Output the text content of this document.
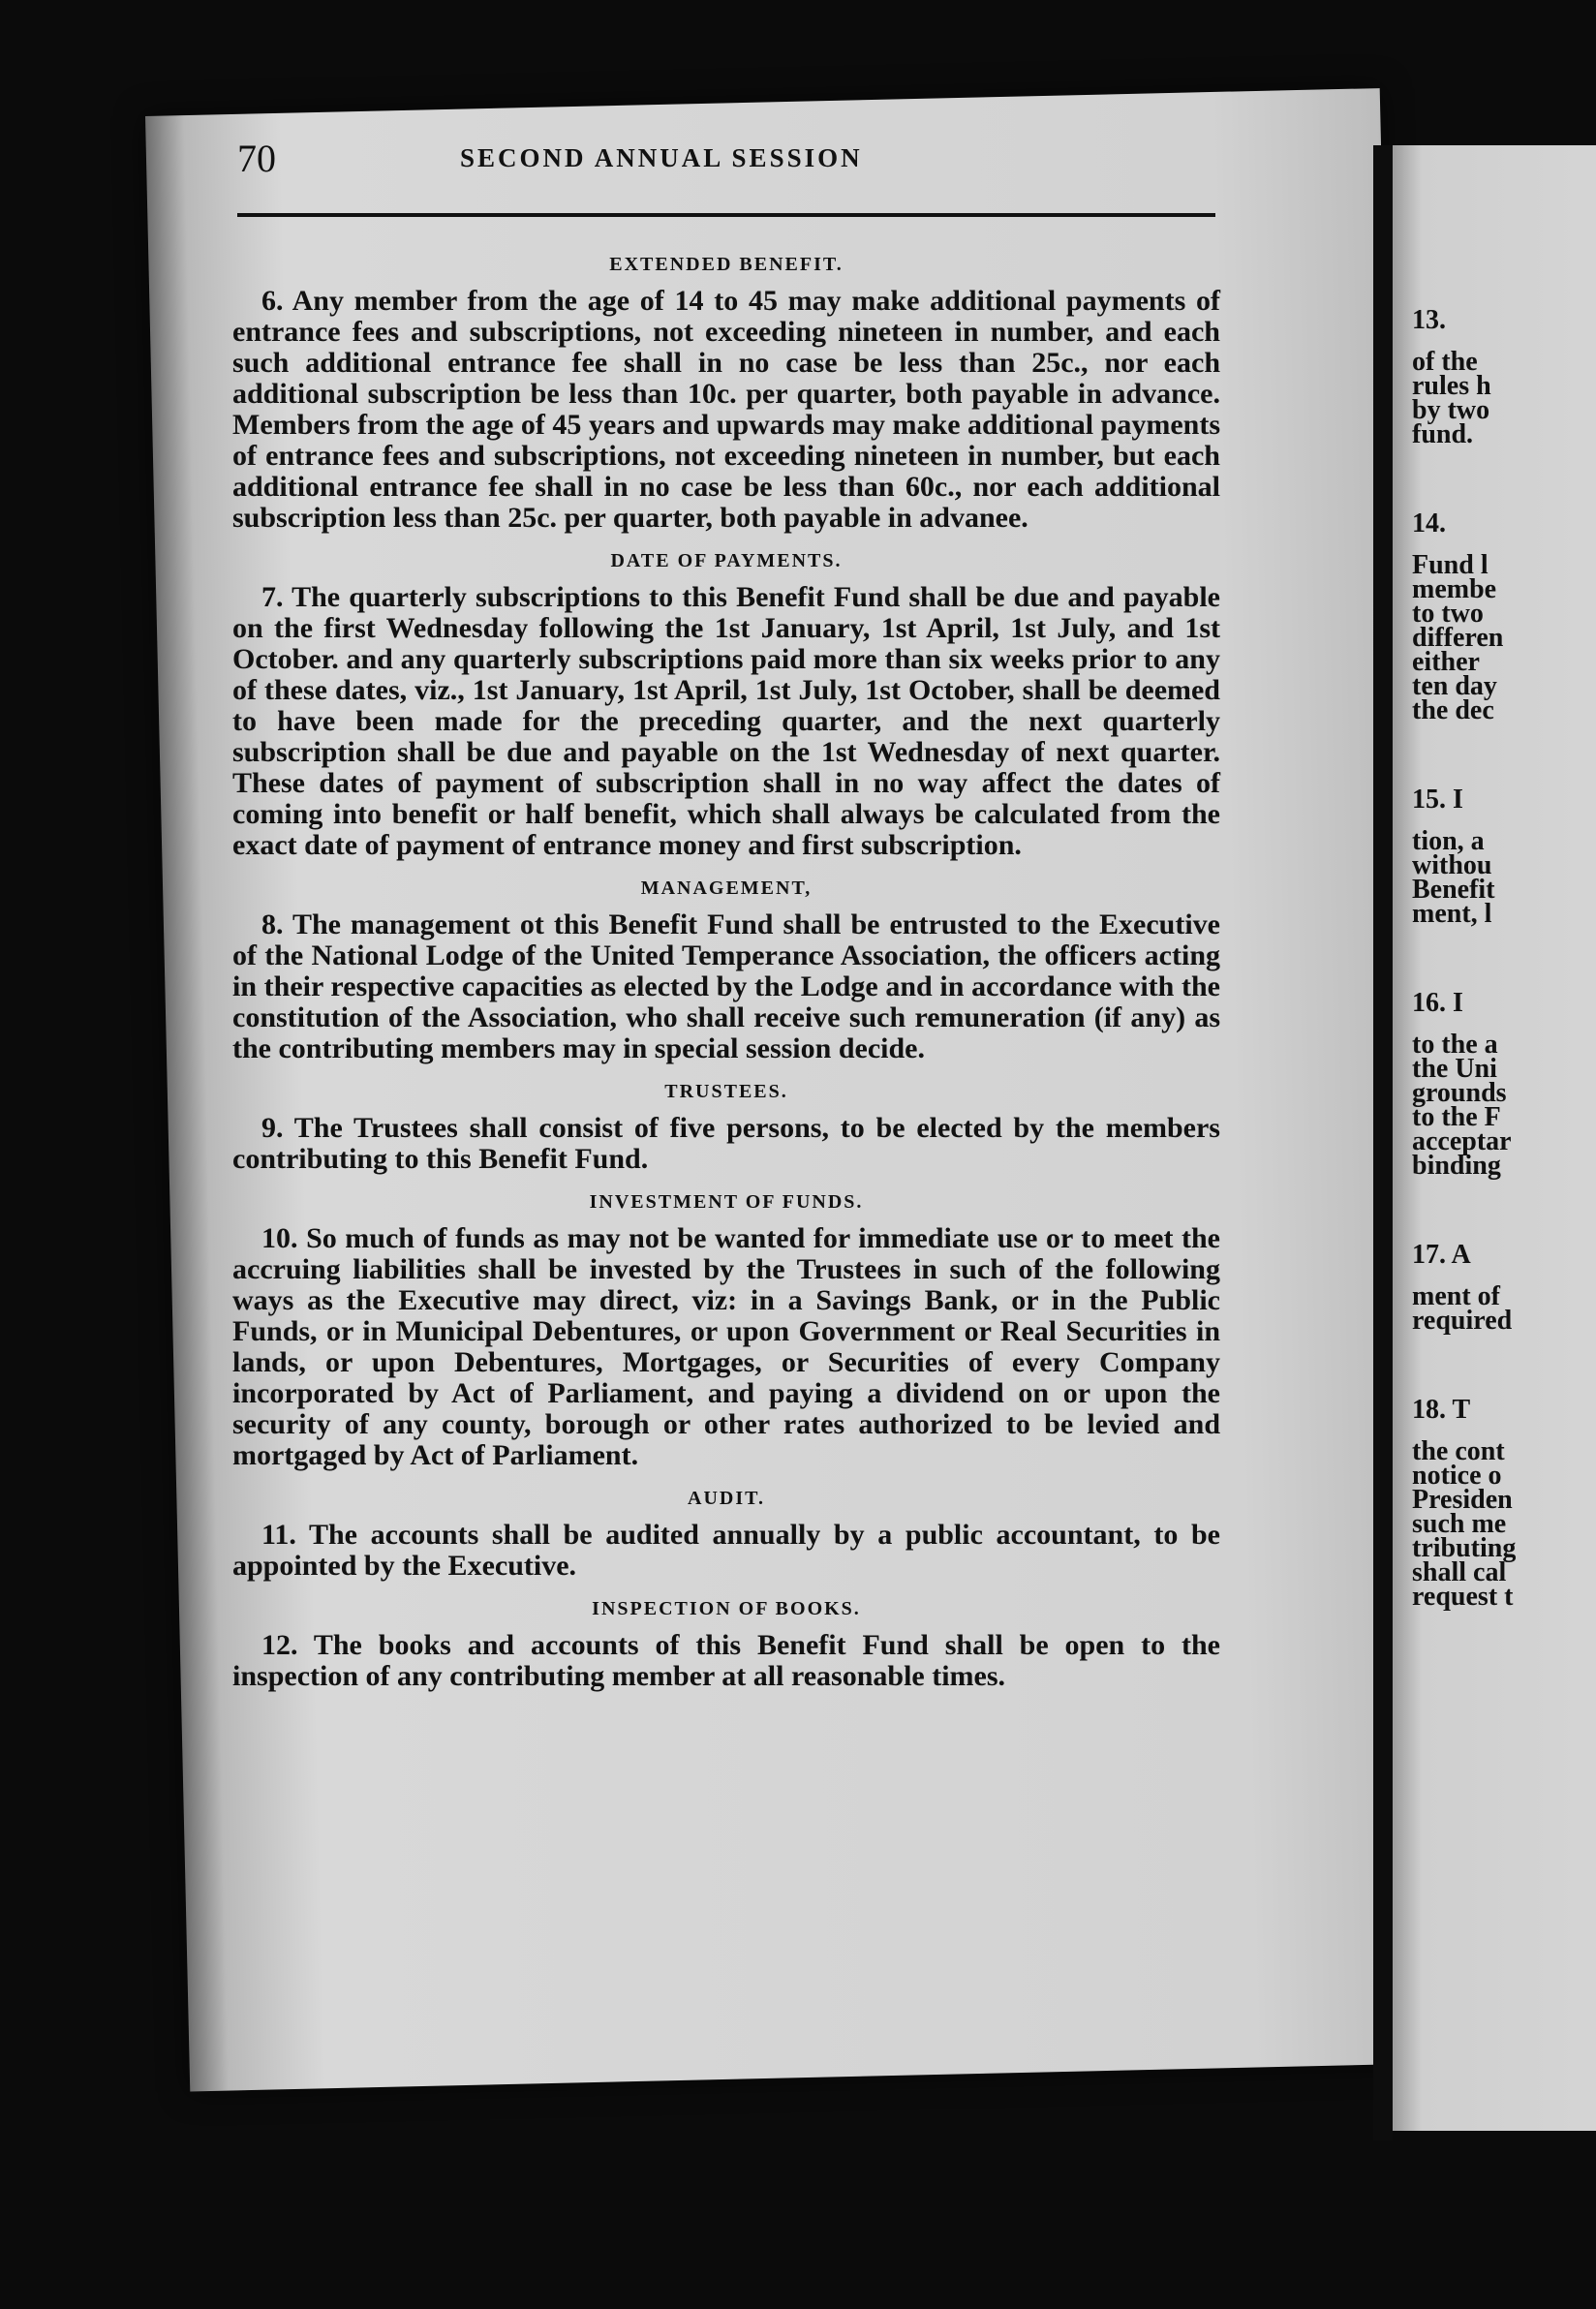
13.
of the
rules h
by two
fund.
14.
Fund l
membe
to two
differen
either
ten day
the dec
15. I
tion, a
withou
Benefit
ment, l
16. I
to the a
the Uni
grounds
to the F
acceptar
binding
17. A
ment of
required
18. T
the cont
notice o
Presiden
such me
tributing
shall cal
request t
70	SECOND ANNUAL SESSION
EXTENDED BENEFIT.

6. Any member from the age of 14 to 45 may make additional payments of entrance fees and subscriptions, not exceeding nineteen in number, and each such additional entrance fee shall in no case be less than 25c., nor each additional subscription be less than 10c. per quarter, both payable in advance. Members from the age of 45 years and upwards may make additional payments of entrance fees and subscriptions, not exceeding nineteen in number, but each additional entrance fee shall in no case be less than 60c., nor each additional subscription less than 25c. per quarter, both payable in advanee.

DATE OF PAYMENTS.

7. The quarterly subscriptions to this Benefit Fund shall be due and payable on the first Wednesday following the 1st January, 1st April, 1st July, and 1st October. and any quarterly subscriptions paid more than six weeks prior to any of these dates, viz., 1st January, 1st April, 1st July, 1st October, shall be deemed to have been made for the preceding quarter, and the next quarterly subscription shall be due and payable on the 1st Wednesday of next quarter. These dates of payment of subscription shall in no way affect the dates of coming into benefit or half benefit, which shall always be calculated from the exact date of payment of entrance money and first subscription.

MANAGEMENT,

8. The management ot this Benefit Fund shall be entrusted to the Executive of the National Lodge of the United Temperance Association, the officers acting in their respective capacities as elected by the Lodge and in accordance with the constitution of the Association, who shall receive such remuneration (if any) as the contributing members may in special session decide.

TRUSTEES.

9. The Trustees shall consist of five persons, to be elected by the members contributing to this Benefit Fund.

INVESTMENT OF FUNDS.

10. So much of funds as may not be wanted for immediate use or to meet the accruing liabilities shall be invested by the Trustees in such of the following ways as the Executive may direct, viz: in a Savings Bank, or in the Public Funds, or in Municipal Debentures, or upon Government or Real Securities in lands, or upon Debentures, Mortgages, or Securities of every Company incorporated by Act of Parliament, and paying a dividend on or upon the security of any county, borough or other rates authorized to be levied and mortgaged by Act of Parliament.

AUDIT.

11. The accounts shall be audited annually by a public accountant, to be appointed by the Executive.

INSPECTION OF BOOKS.

12. The books and accounts of this Benefit Fund shall be open to the inspection of any contributing member at all reasonable times.
